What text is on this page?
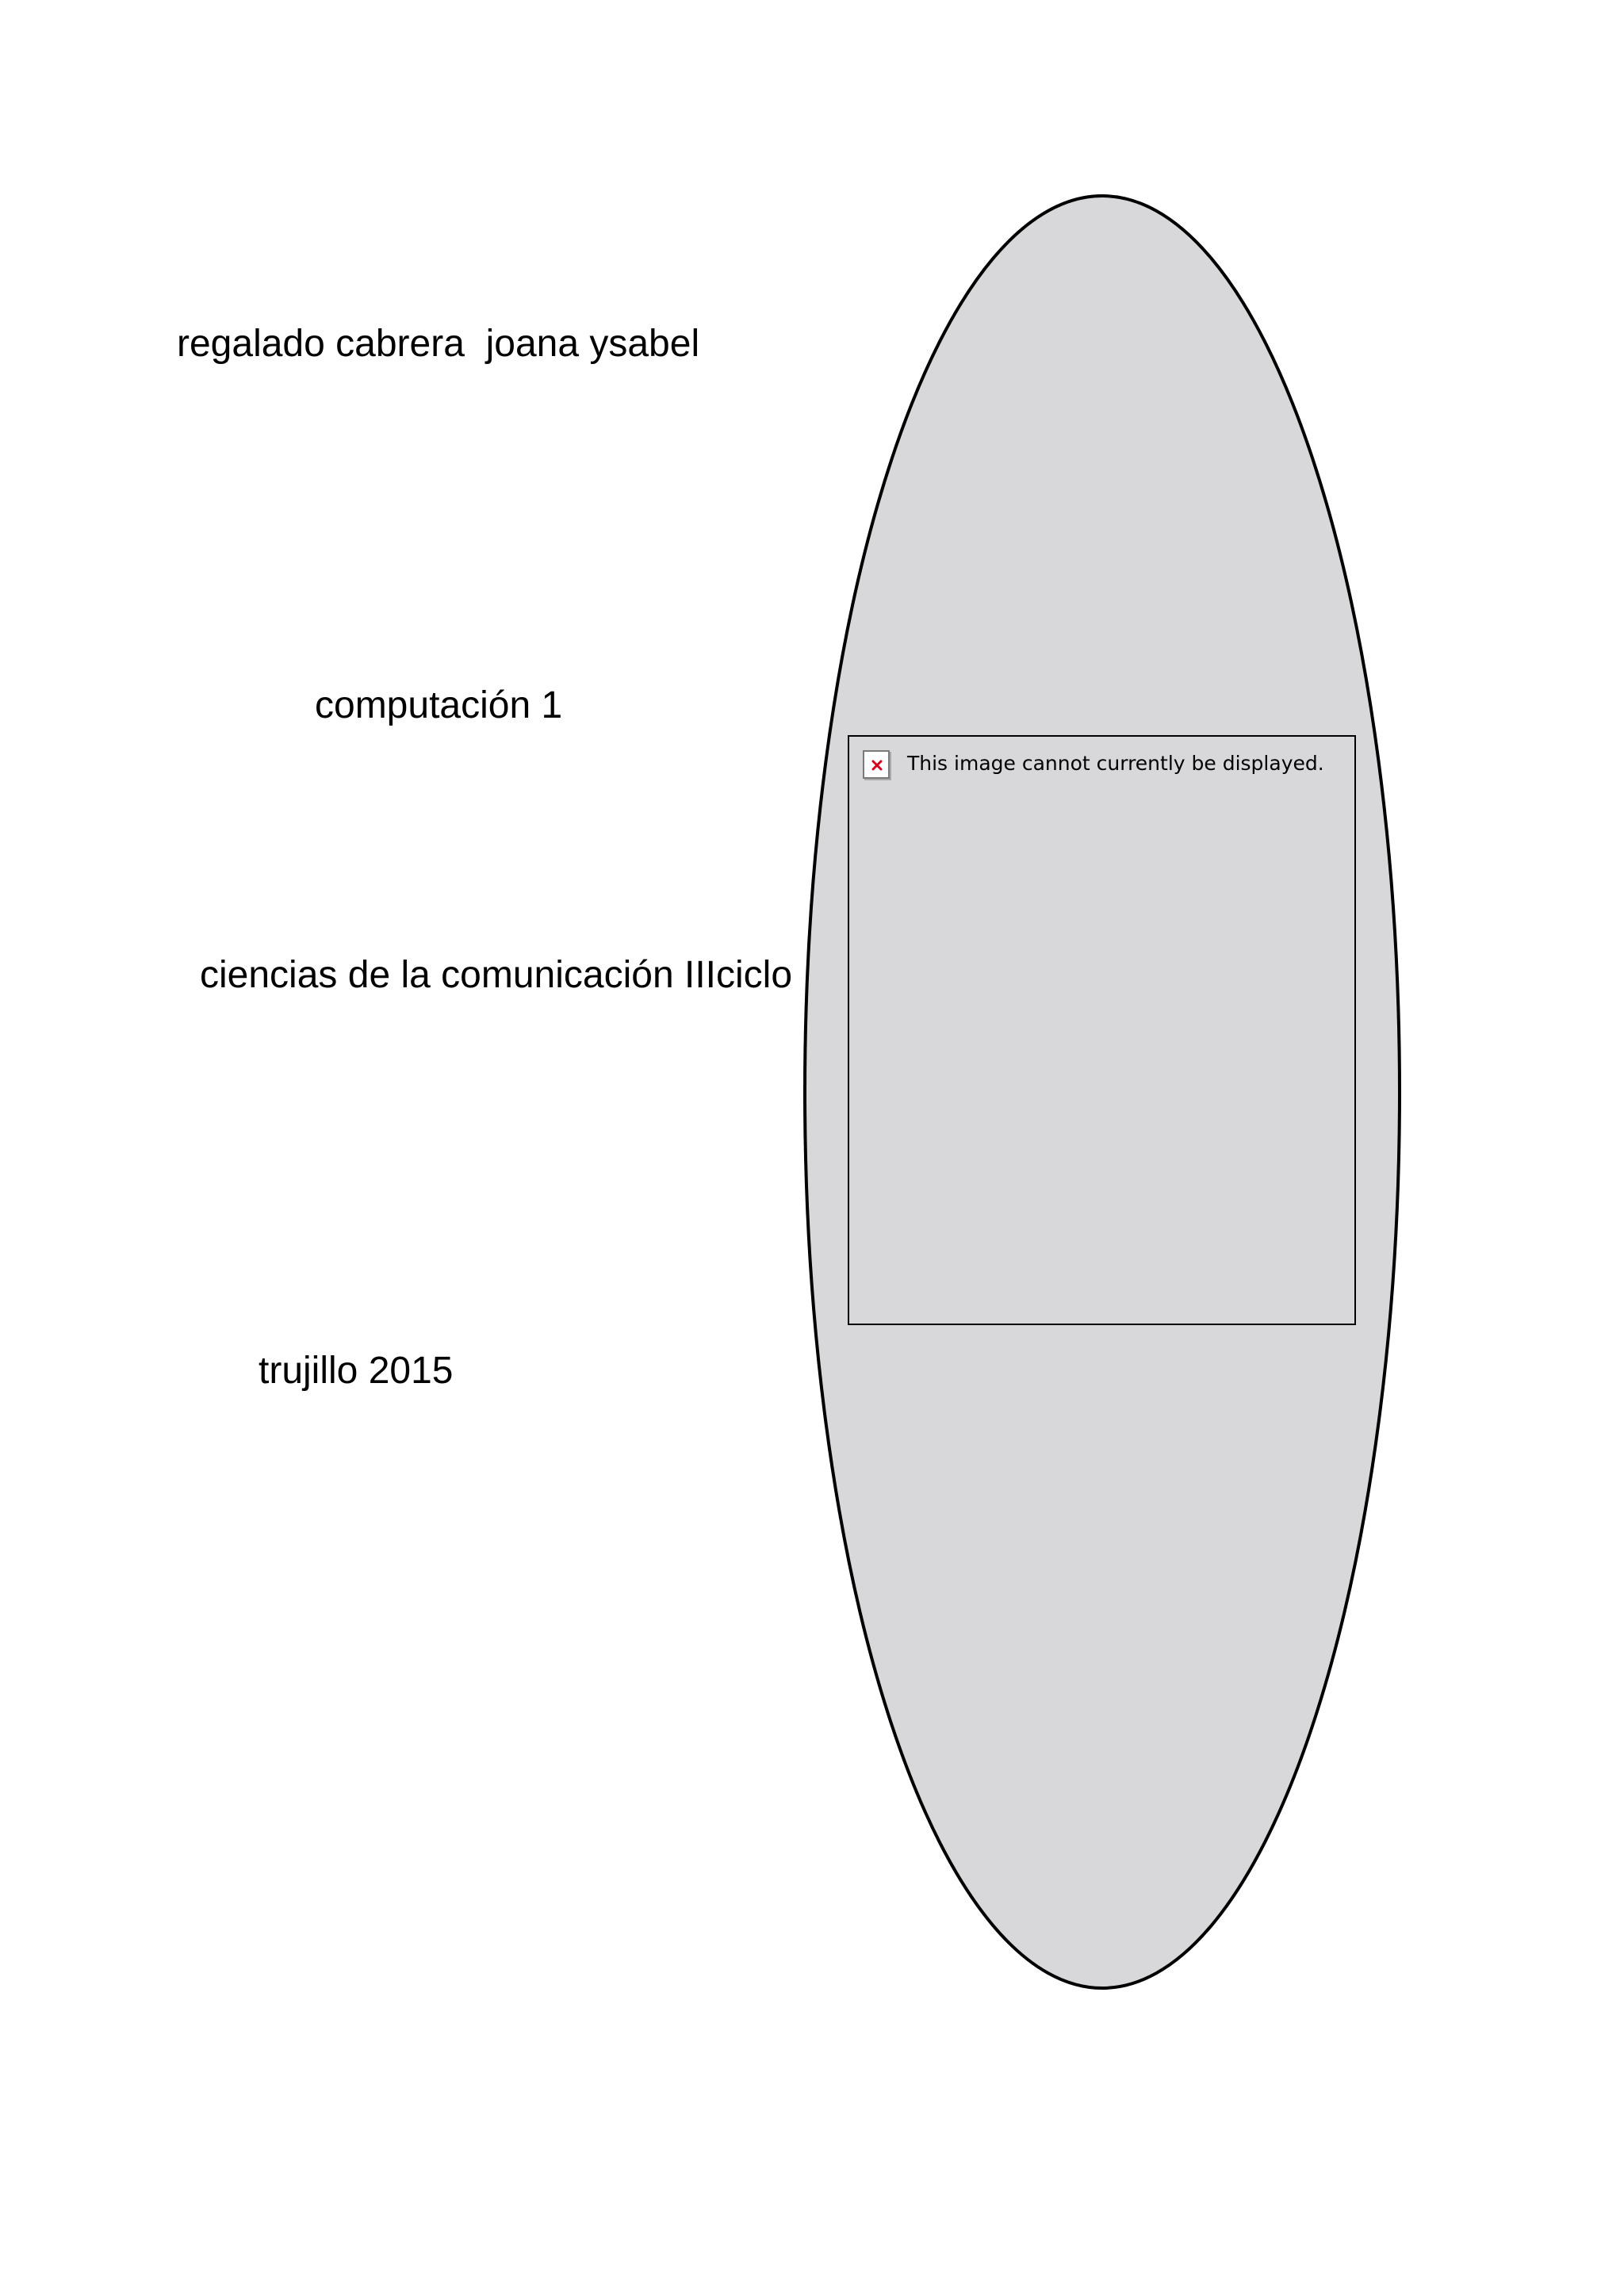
regalado cabrera  joana ysabel
computación 1
ciencias de la comunicación IIIciclo
trujillo 2015
This image cannot currently be displayed.
